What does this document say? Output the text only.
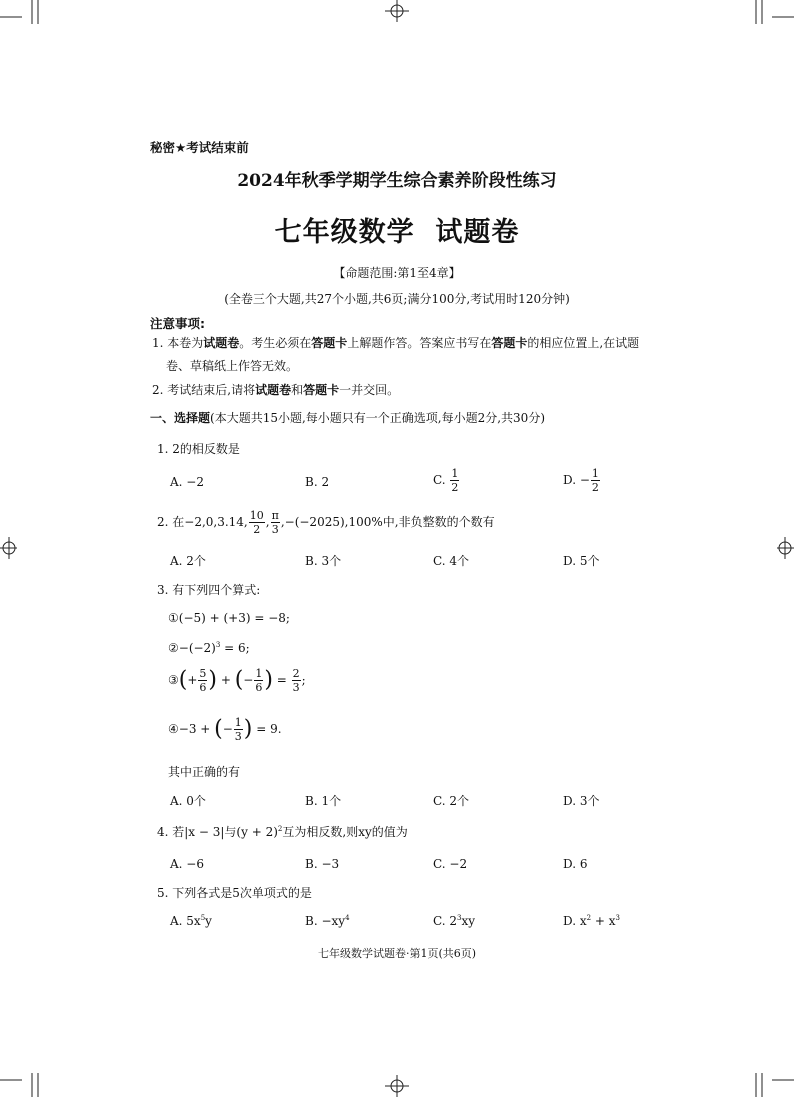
秘密★考试结束前
2024年秋季学期学生综合素养阶段性练习
七年级数学  试题卷
【命题范围:第1至4章】
(全卷三个大题,共27个小题,共6页;满分100分,考试用时120分钟)
注意事项:
1. 本卷为试题卷。考生必须在答题卡上解题作答。答案应书写在答题卡的相应位置上,在试题
卷、草稿纸上作答无效。
2. 考试结束后,请将试题卷和答题卡一并交回。
一、选择题(本大题共15小题,每小题只有一个正确选项,每小题2分,共30分)
1. 2的相反数是
A. −2	B. 2	C. $\frac{1}{2}$	D. − $\frac{1}{2}$
2. 在−2,0,3.14, $\frac{10}{2}$ , $\frac{\pi}{3} ,-(-2025),100\%$中,非负整数的个数有
A. 2个	B. 3个	C. 4个	D. 5个
3. 有下列四个算式:
①(−5) + (+3) = −8;
$②-(-2)^3 = 6$;
③(+ $\frac{5}{6}$ ) + (− $\frac{1}{6}$ ) = $\frac{2}{3}$ ;
④−3 + (− $\frac{1}{3}$ ) = 9.
其中正确的有
A. 0个	B. 1个	C. 2个	D. 3个
4. 若|x − 3|与$(y + 2)^2$互为相反数,则xy的值为
A. −6	B. −3	C. −2	D. 6
5. 下列各式是5次单项式的是
A. $5x^5y$	B. $-xy^4$	C. $2^3xy$	D. $x^2 + x^3$
七年级数学试题卷·第1页(共6页)
